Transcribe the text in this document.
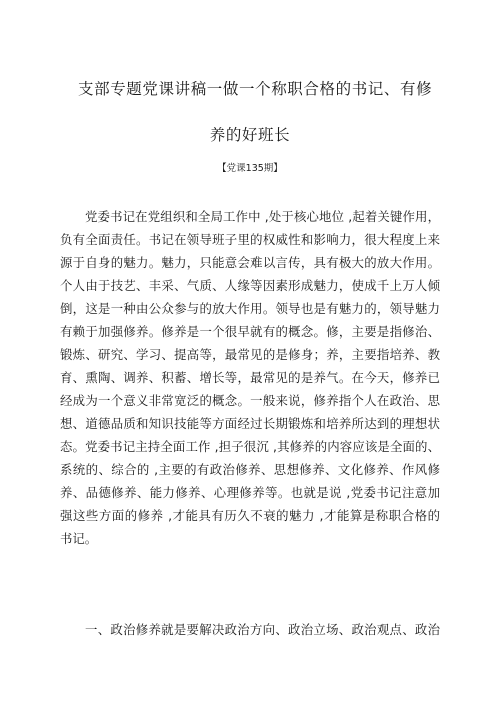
支部专题党课讲稿一做一个称职合格的书记、有修
养的好班长
【党课135期】
党委书记在党组织和全局工作中 ,处于核心地位 ,起着关键作用，
负有全面责任。书记在领导班子里的权威性和影响力，很大程度上来
源于自身的魅力。魅力，只能意会难以言传，具有极大的放大作用。
个人由于技艺、丰采、气质、人缘等因素形成魅力，使成千上万人倾
倒，这是一种由公众参与的放大作用。领导也是有魅力的，领导魅力
有赖于加强修养。修养是一个很早就有的概念。修，主要是指修治、
锻炼、研究、学习、提高等，最常见的是修身；养，主要指培养、教
育、熏陶、调养、积蓄、增长等，最常见的是养气。在今天，修养已
经成为一个意义非常宽泛的概念。一般来说，修养指个人在政治、思
想、道德品质和知识技能等方面经过长期锻炼和培养所达到的理想状
态。党委书记主持全面工作 ,担子很沉 ,其修养的内容应该是全面的、
系统的、综合的 ,主要的有政治修养、思想修养、文化修养、作风修
养、品德修养、能力修养、心理修养等。也就是说 ,党委书记注意加
强这些方面的修养 ,才能具有历久不衰的魅力 ,才能算是称职合格的
书记。
一、政治修养就是要解决政治方向、政治立场、政治观点、政治
